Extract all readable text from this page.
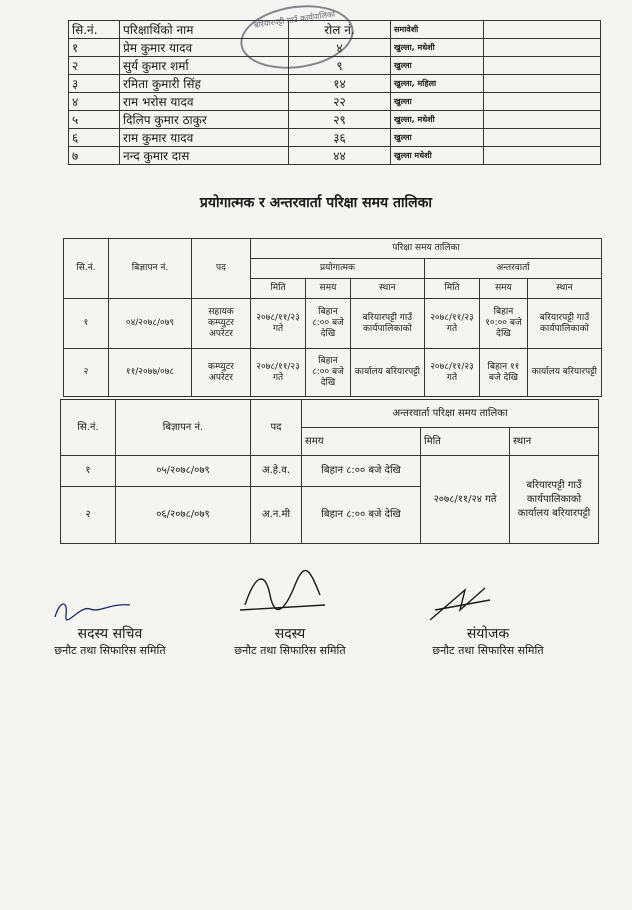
बरियारपट्टी गाउँ कार्यपालिका
सि.नं.	परिक्षार्थिको नाम	रोल नं.	समावेशी	
१	प्रेम कुमार यादव	४	खुल्ला, मधेशी	
२	सुर्य कुमार शर्मा	९	खुल्ला	
३	रमिता कुमारी सिंह	१४	खुल्ला, महिला	
४	राम भरोस यादव	२२	खुल्ला	
५	दिलिप कुमार ठाकुर	२९	खुल्ला, मधेशी	
६	राम कुमार यादव	३६	खुल्ला	
७	नन्द कुमार दास	४४	खुल्ला मधेशी	
प्रयोगात्मक र अन्तरवार्ता परिक्षा समय तालिका
सि.नं.	बिज्ञापन नं.	पद	परिक्षा समय तालिका					
			प्रयोगात्मक			अन्तरवार्ता		
			मिति	समय	स्थान	मिति	समय	स्थान
१	०४/२०७८/०७९	सहायक कम्प्युटर अपरेटर	२०७८/११/२३ गते	बिहान ८:०० बजे देखि	बरियारपट्टी गाउँ कार्यपालिकाको	२०७८/११/२३ गते	बिहान १०:०० बजे देखि	बरियारपट्टी गाउँ कार्यपालिकाको
२	११/२०७७/०७८	कम्प्युटर अपरेटर	२०७८/११/२३ गते	बिहान ८:०० बजे देखि	कार्यालय बरियारपट्टी	२०७८/११/२३ गते	बिहान ११ बजे देखि	कार्यालय बरियारपट्टी
सि.नं.	बिज्ञापन नं.	पद	अन्तरवार्ता परिक्षा समय तालिका		
			समय	मिति	स्थान
१	०५/२०७८/०७९	अ.हे.व.	बिहान ८:०० बजे देखि	२०७८/११/२४ गते	बरियारपट्टी गाउँ कार्यपालिकाको कार्यालय बरियारपट्टी
२	०६/२०७८/०७९	अ.न.मी	बिहान ८:०० बजे देखि		
सदस्य सचिव
छनौट तथा सिफारिस समिति
सदस्य
छनौट तथा सिफारिस समिति
संयोजक
छनौट तथा सिफारिस समिति
